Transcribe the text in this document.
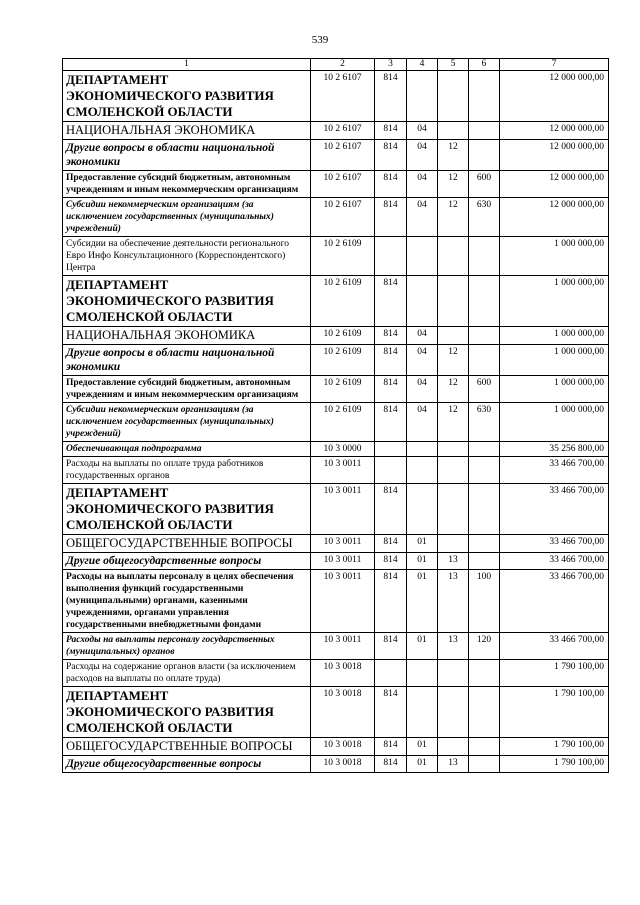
539
1	2	3	4	5	6	7
ДЕПАРТАМЕНТ ЭКОНОМИЧЕСКОГО РАЗВИТИЯ СМОЛЕНСКОЙ ОБЛАСТИ	10 2 6107	814				12 000 000,00
НАЦИОНАЛЬНАЯ ЭКОНОМИКА	10 2 6107	814	04			12 000 000,00
Другие вопросы в области национальной экономики	10 2 6107	814	04	12		12 000 000,00
Предоставление субсидий бюджетным, автономным учреждениям и иным некоммерческим организациям	10 2 6107	814	04	12	600	12 000 000,00
Субсидии некоммерческим организациям (за исключением государственных (муниципальных) учреждений)	10 2 6107	814	04	12	630	12 000 000,00
Субсидии на обеспечение деятельности регионального Евро Инфо Консультационного (Корреспондентского) Центра	10 2 6109					1 000 000,00
ДЕПАРТАМЕНТ ЭКОНОМИЧЕСКОГО РАЗВИТИЯ СМОЛЕНСКОЙ ОБЛАСТИ	10 2 6109	814				1 000 000,00
НАЦИОНАЛЬНАЯ ЭКОНОМИКА	10 2 6109	814	04			1 000 000,00
Другие вопросы в области национальной экономики	10 2 6109	814	04	12		1 000 000,00
Предоставление субсидий бюджетным, автономным учреждениям и иным некоммерческим организациям	10 2 6109	814	04	12	600	1 000 000,00
Субсидии некоммерческим организациям (за исключением государственных (муниципальных) учреждений)	10 2 6109	814	04	12	630	1 000 000,00
Обеспечивающая подпрограмма	10 3 0000					35 256 800,00
Расходы на выплаты по оплате труда работников государственных органов	10 3 0011					33 466 700,00
ДЕПАРТАМЕНТ ЭКОНОМИЧЕСКОГО РАЗВИТИЯ СМОЛЕНСКОЙ ОБЛАСТИ	10 3 0011	814				33 466 700,00
ОБЩЕГОСУДАРСТВЕННЫЕ ВОПРОСЫ	10 3 0011	814	01			33 466 700,00
Другие общегосударственные вопросы	10 3 0011	814	01	13		33 466 700,00
Расходы на выплаты персоналу в целях обеспечения выполнения функций государственными (муниципальными) органами, казенными учреждениями, органами управления государственными внебюджетными фондами	10 3 0011	814	01	13	100	33 466 700,00
Расходы на выплаты персоналу государственных (муниципальных) органов	10 3 0011	814	01	13	120	33 466 700,00
Расходы на содержание органов власти (за исключением расходов на выплаты по оплате труда)	10 3 0018					1 790 100,00
ДЕПАРТАМЕНТ ЭКОНОМИЧЕСКОГО РАЗВИТИЯ СМОЛЕНСКОЙ ОБЛАСТИ	10 3 0018	814				1 790 100,00
ОБЩЕГОСУДАРСТВЕННЫЕ ВОПРОСЫ	10 3 0018	814	01			1 790 100,00
Другие общегосударственные вопросы	10 3 0018	814	01	13		1 790 100,00
